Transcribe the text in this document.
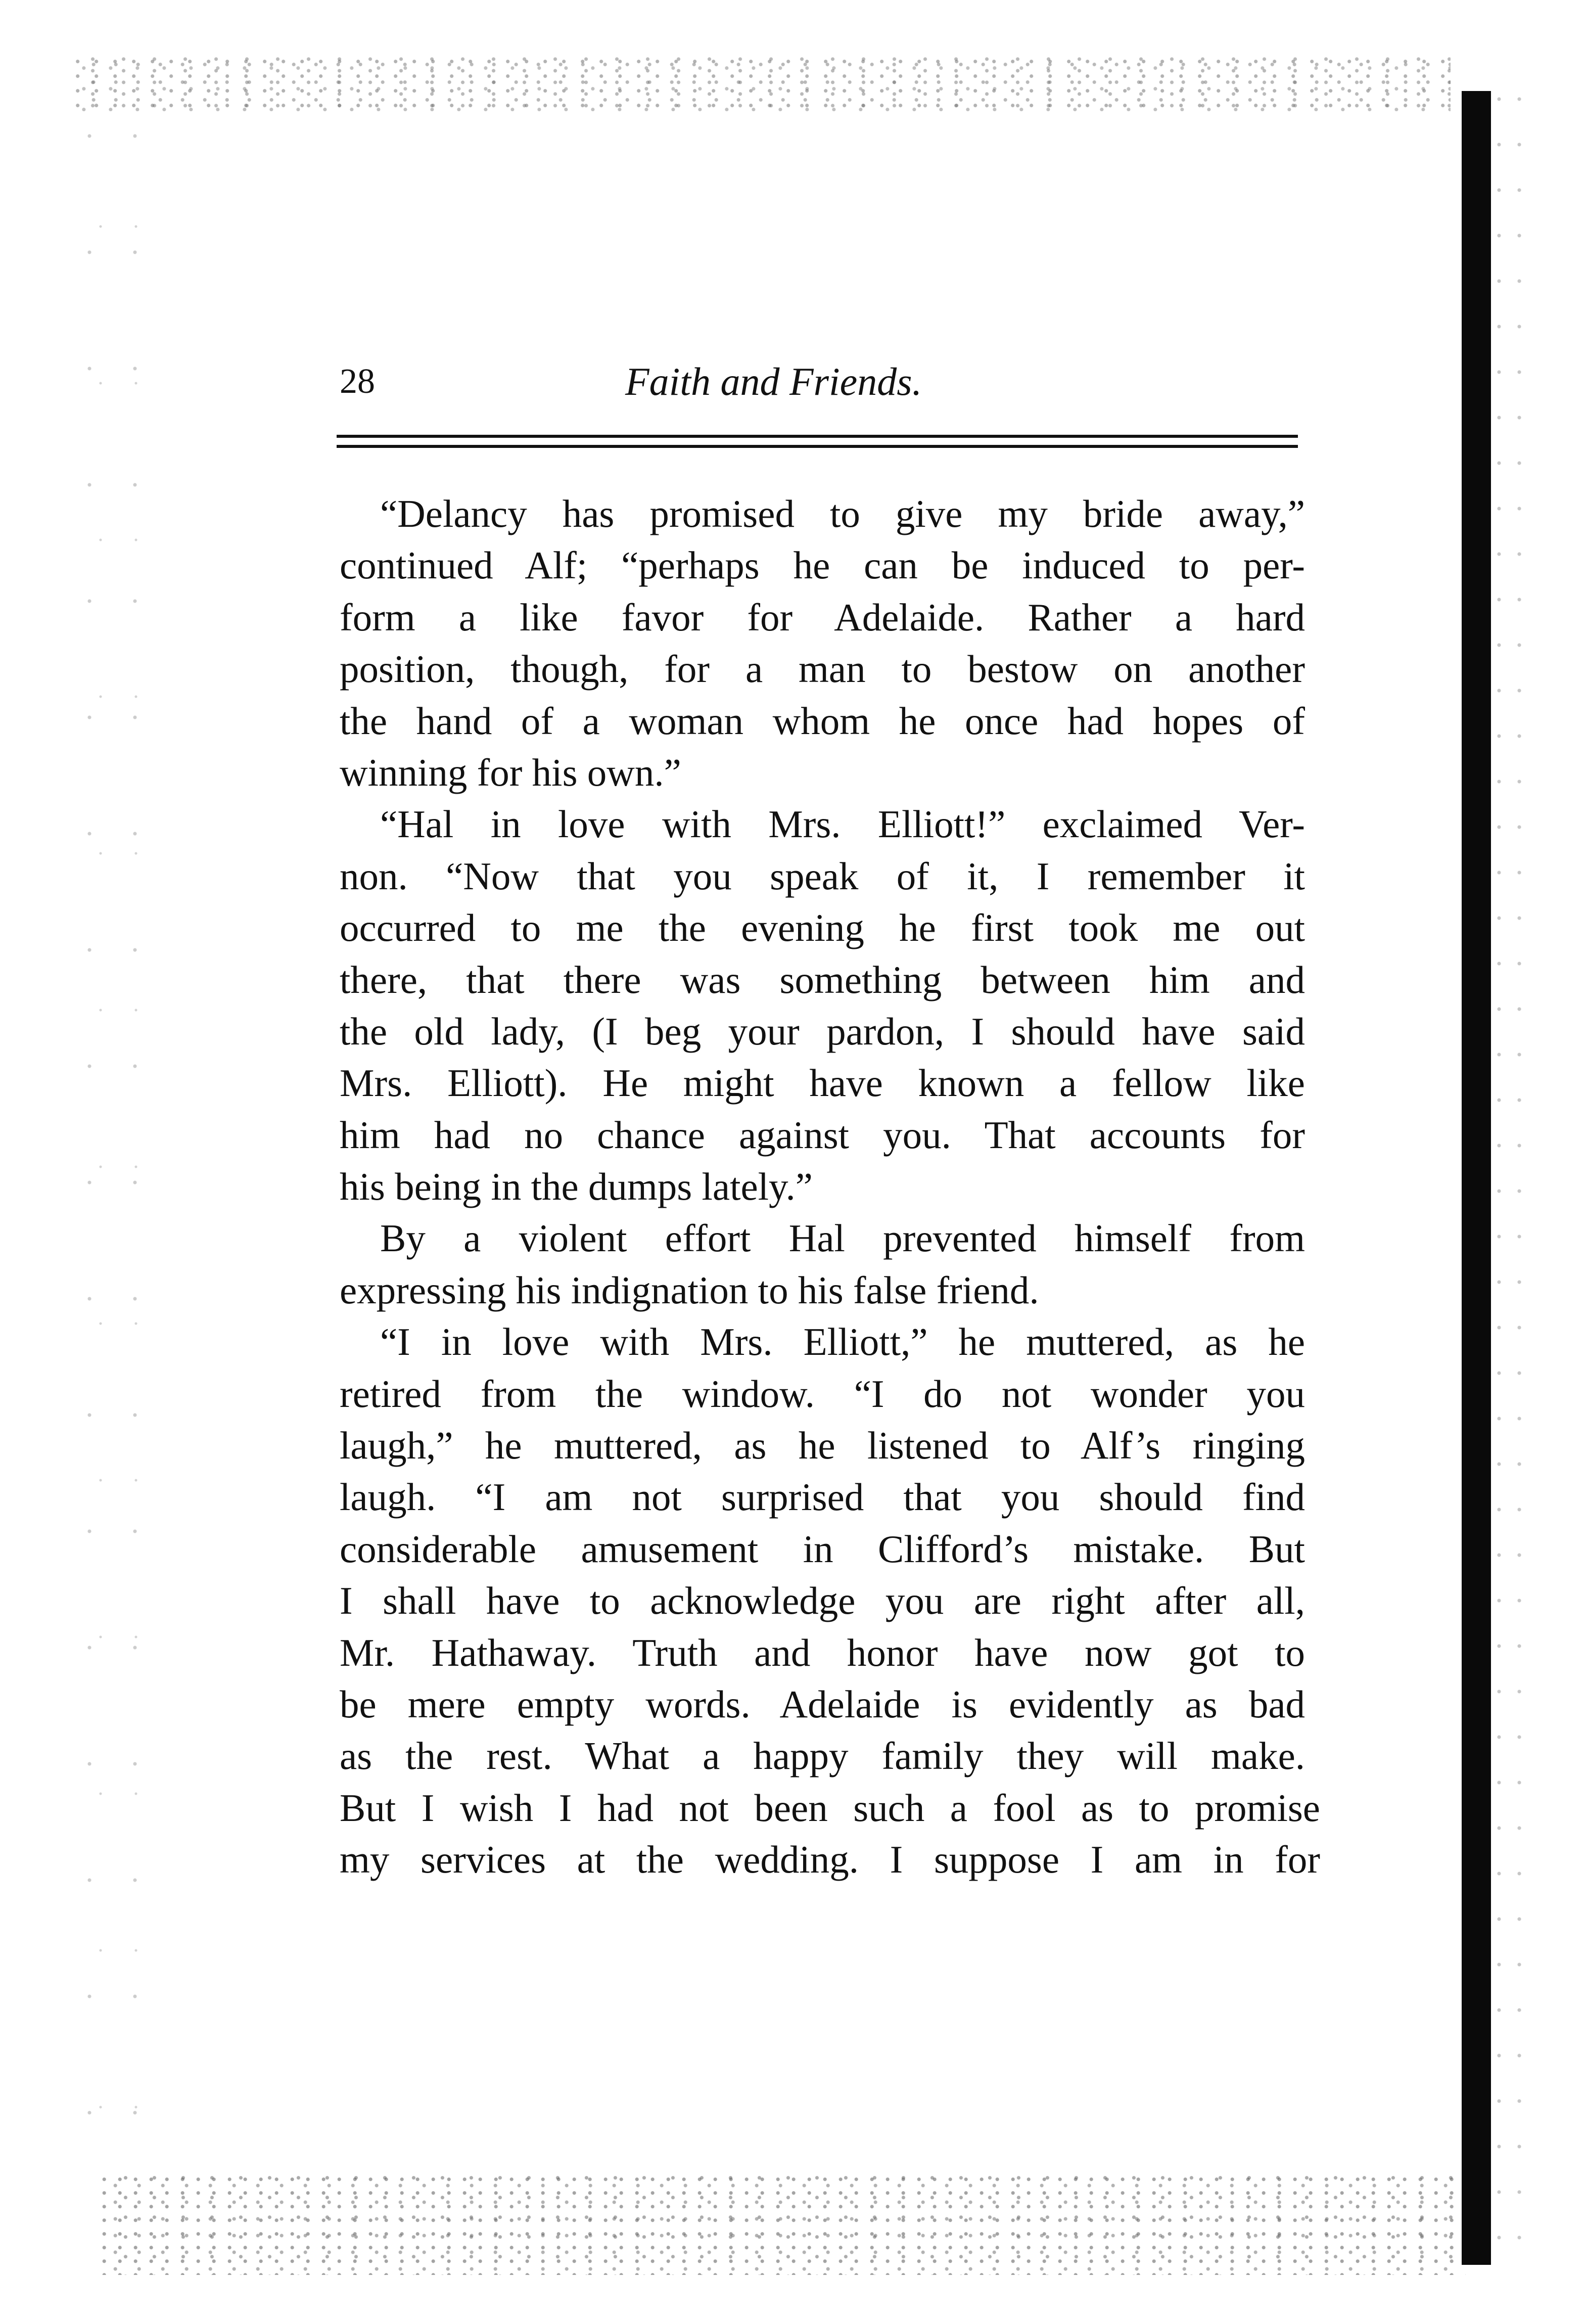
28	Faith and Friends.
“Delancy has promised to give my bride away,”
continued Alf; “perhaps he can be induced to per-
form a like favor for Adelaide. Rather a hard
position, though, for a man to bestow on another
the hand of a woman whom he once had hopes of
winning for his own.”
“Hal in love with Mrs. Elliott!” exclaimed Ver-
non. “Now that you speak of it, I remember it
occurred to me the evening he first took me out
there, that there was something between him and
the old lady, (I beg your pardon, I should have said
Mrs. Elliott). He might have known a fellow like
him had no chance against you. That accounts for
his being in the dumps lately.”
By a violent effort Hal prevented himself from
expressing his indignation to his false friend.
“I in love with Mrs. Elliott,” he muttered, as he
retired from the window. “I do not wonder you
laugh,” he muttered, as he listened to Alf’s ringing
laugh. “I am not surprised that you should find
considerable amusement in Clifford’s mistake. But
I shall have to acknowledge you are right after all,
Mr. Hathaway. Truth and honor have now got to
be mere empty words. Adelaide is evidently as bad
as the rest. What a happy family they will make.
But I wish I had not been such a fool as to promise
my services at the wedding. I suppose I am in for
